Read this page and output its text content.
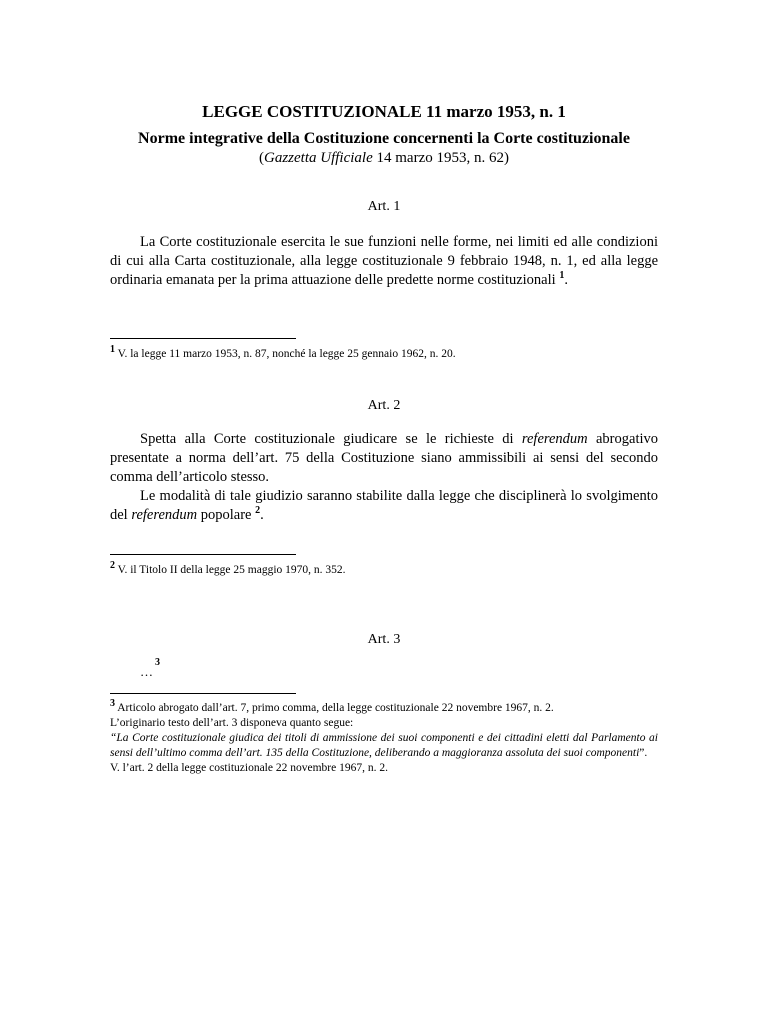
LEGGE COSTITUZIONALE 11 marzo 1953, n. 1
Norme integrative della Costituzione concernenti la Corte costituzionale
(Gazzetta Ufficiale 14 marzo 1953, n. 62)
Art. 1

La Corte costituzionale esercita le sue funzioni nelle forme, nei limiti ed alle condizioni di cui alla Carta costituzionale, alla legge costituzionale 9 febbraio 1948, n. 1, ed alla legge ordinaria emanata per la prima attuazione delle predette norme costituzionali $^1$.

1 V. la legge 11 marzo 1953, n. 87, nonché la legge 25 gennaio 1962, n. 20.
Art. 2

Spetta alla Corte costituzionale giudicare se le richieste di referendum abrogativo presentate a norma dell’art. 75 della Costituzione siano ammissibili ai sensi del secondo comma dell’articolo stesso.

Le modalità di tale giudizio saranno stabilite dalla legge che disciplinerà lo svolgimento del referendum popolare $^2$.

2 V. il Titolo II della legge 25 maggio 1970, n. 352.
Art. 3
…$^3$

3 Articolo abrogato dall’art. 7, primo comma, della legge costituzionale 22 novembre 1967, n. 2.

L’originario testo dell’art. 3 disponeva quanto segue:

“La Corte costituzionale giudica dei titoli di ammissione dei suoi componenti e dei cittadini eletti dal Parlamento ai sensi dell’ultimo comma dell’art. 135 della Costituzione, deliberando a maggioranza assoluta dei suoi componenti”.

V. l’art. 2 della legge costituzionale 22 novembre 1967, n. 2.
